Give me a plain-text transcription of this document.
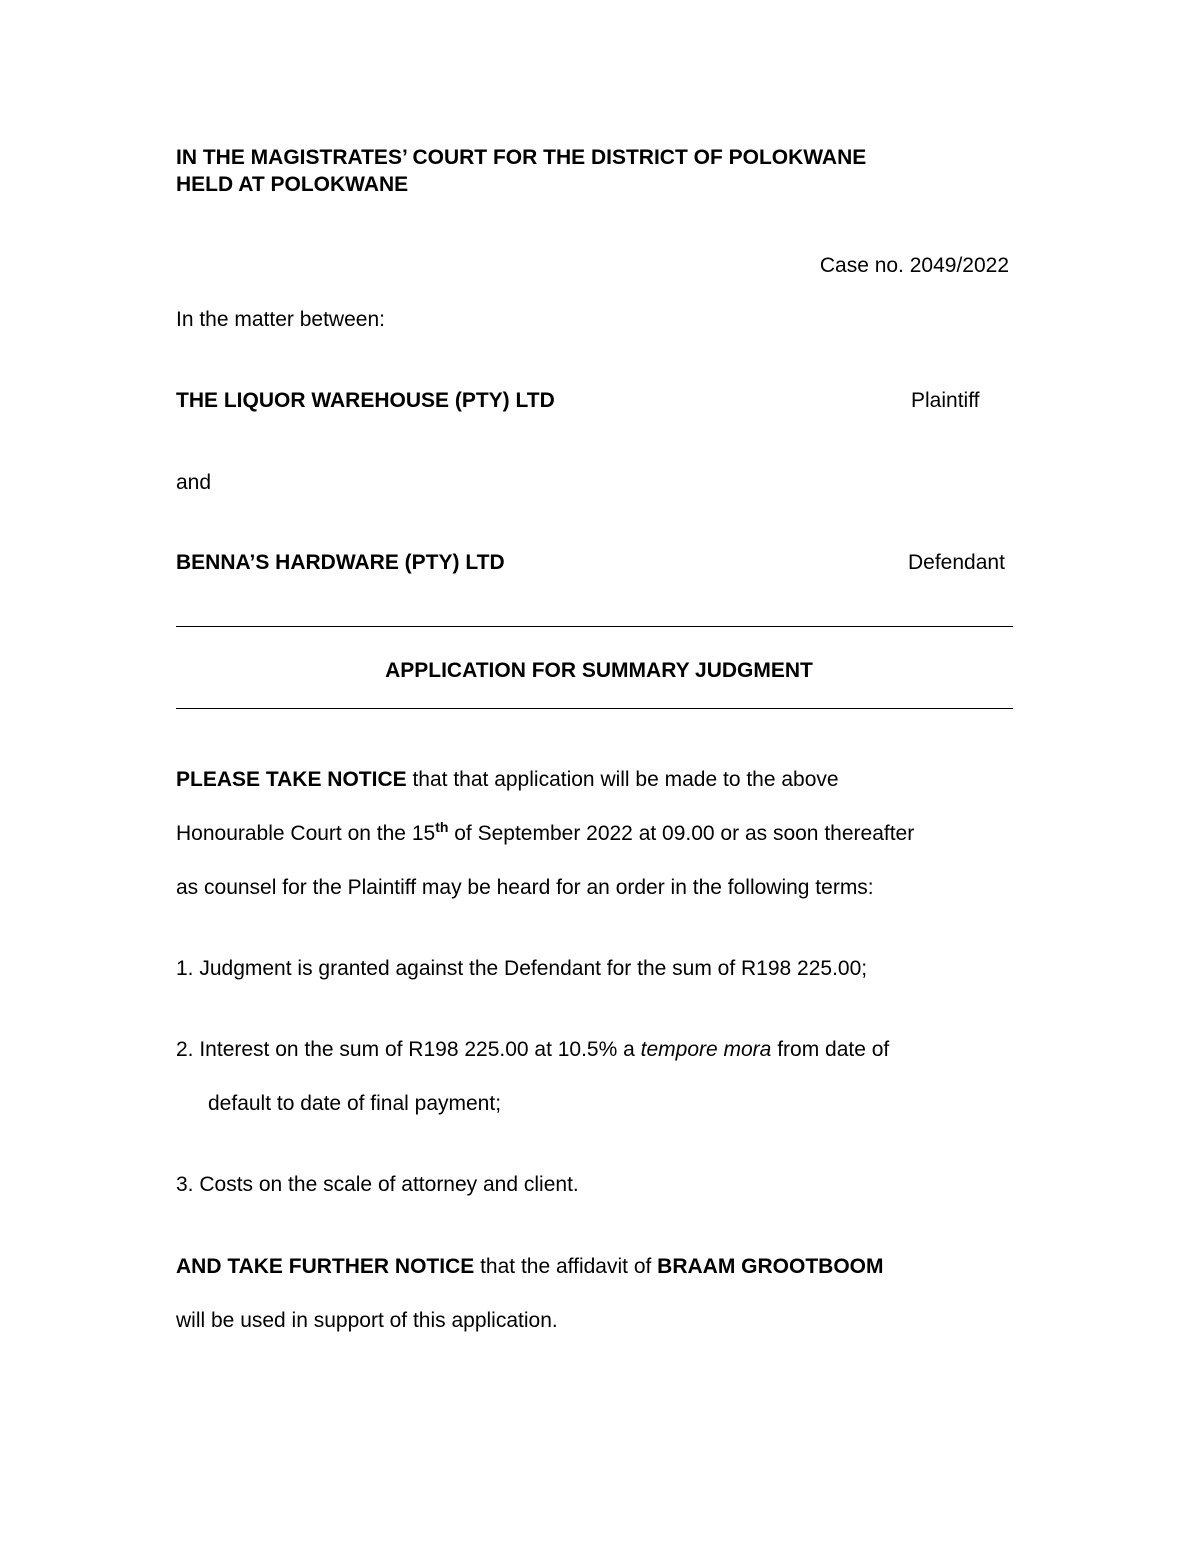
IN THE MAGISTRATES’ COURT FOR THE DISTRICT OF POLOKWANE
HELD AT POLOKWANE
Case no. 2049/2022
In the matter between:
THE LIQUOR WAREHOUSE (PTY) LTD	Plaintiff
and
BENNA’S HARDWARE (PTY) LTD	Defendant
APPLICATION FOR SUMMARY JUDGMENT
PLEASE TAKE NOTICE that that application will be made to the above
Honourable Court on the 15th of September 2022 at 09.00 or as soon thereafter
as counsel for the Plaintiff may be heard for an order in the following terms:
1. Judgment is granted against the Defendant for the sum of R198 225.00;
2. Interest on the sum of R198 225.00 at 10.5% a tempore mora from date of
default to date of final payment;
3. Costs on the scale of attorney and client.
AND TAKE FURTHER NOTICE that the affidavit of BRAAM GROOTBOOM
will be used in support of this application.
